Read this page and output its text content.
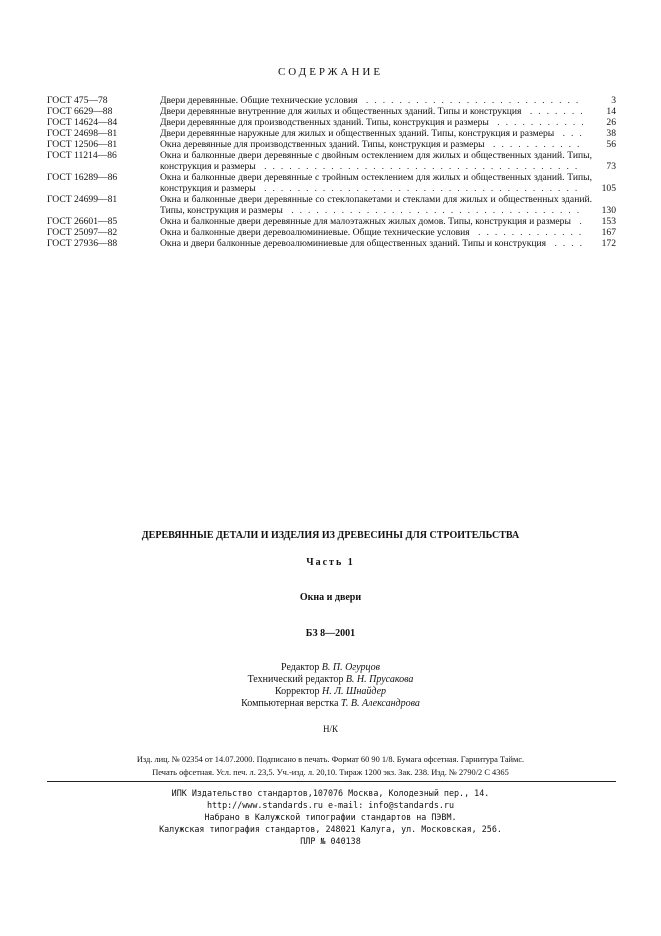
СОДЕРЖАНИЕ
ГОСТ 475—78	Двери деревянные. Общие технические условия ..........................	3
ГОСТ 6629—88	Двери деревянные внутренние для жилых и общественных зданий. Типы и конструкция .......	14
ГОСТ 14624—84	Двери деревянные для производственных зданий. Типы, конструкция и размеры ...........	26
ГОСТ 24698—81	Двери деревянные наружные для жилых и общественных зданий. Типы, конструкция и размеры ...	38
ГОСТ 12506—81	Окна деревянные для производственных зданий. Типы, конструкция и размеры ...........	56
ГОСТ 11214—86	Окна и балконные двери деревянные с двойным остеклением для жилых и общественных зданий. Типы, конструкция и размеры ......................................	73
ГОСТ 16289—86	Окна и балконные двери деревянные с тройным остеклением для жилых и общественных зданий. Типы, конструкция и размеры ......................................	105
ГОСТ 24699—81	Окна и балконные двери деревянные со стеклопакетами и стеклами для жилых и общественных зданий. Типы, конструкция и размеры ...................................	130
ГОСТ 26601—85	Окна и балконные двери деревянные для малоэтажных жилых домов. Типы, конструкция и размеры .	153
ГОСТ 25097—82	Окна и балконные двери деревоалюминиевые. Общие технические условия .............	167
ГОСТ 27936—88	Окна и двери балконные деревоалюминиевые для общественных зданий. Типы и конструкция ....	172
ДЕРЕВЯННЫЕ ДЕТАЛИ И ИЗДЕЛИЯ ИЗ ДРЕВЕСИНЫ ДЛЯ СТРОИТЕЛЬСТВА
Часть 1
Окна и двери
БЗ 8—2001
Редактор В. П. Огурцов
Технический редактор В. Н. Прусакова
Корректор Н. Л. Шнайдер
Компьютерная верстка Т. В. Александрова
Н/К
Изд. лиц. № 02354 от 14.07.2000. Подписано в печать. Формат 60 90 1/8. Бумага офсетная. Гарнитура Таймс.
Печать офсетная. Усл. печ. л. 23,5. Уч.-изд. л. 20,10. Тираж 1200 экз. Зак. 238. Изд. № 2790/2 С 4365
ИПК Издательство стандартов,107076 Москва, Колодезный пер., 14.
http://www.standards.ru e-mail: info@standards.ru
Набрано в Калужской типографии стандартов на ПЭВМ.
Калужская типография стандартов, 248021 Калуга, ул. Московская, 256.
ПЛР № 040138
